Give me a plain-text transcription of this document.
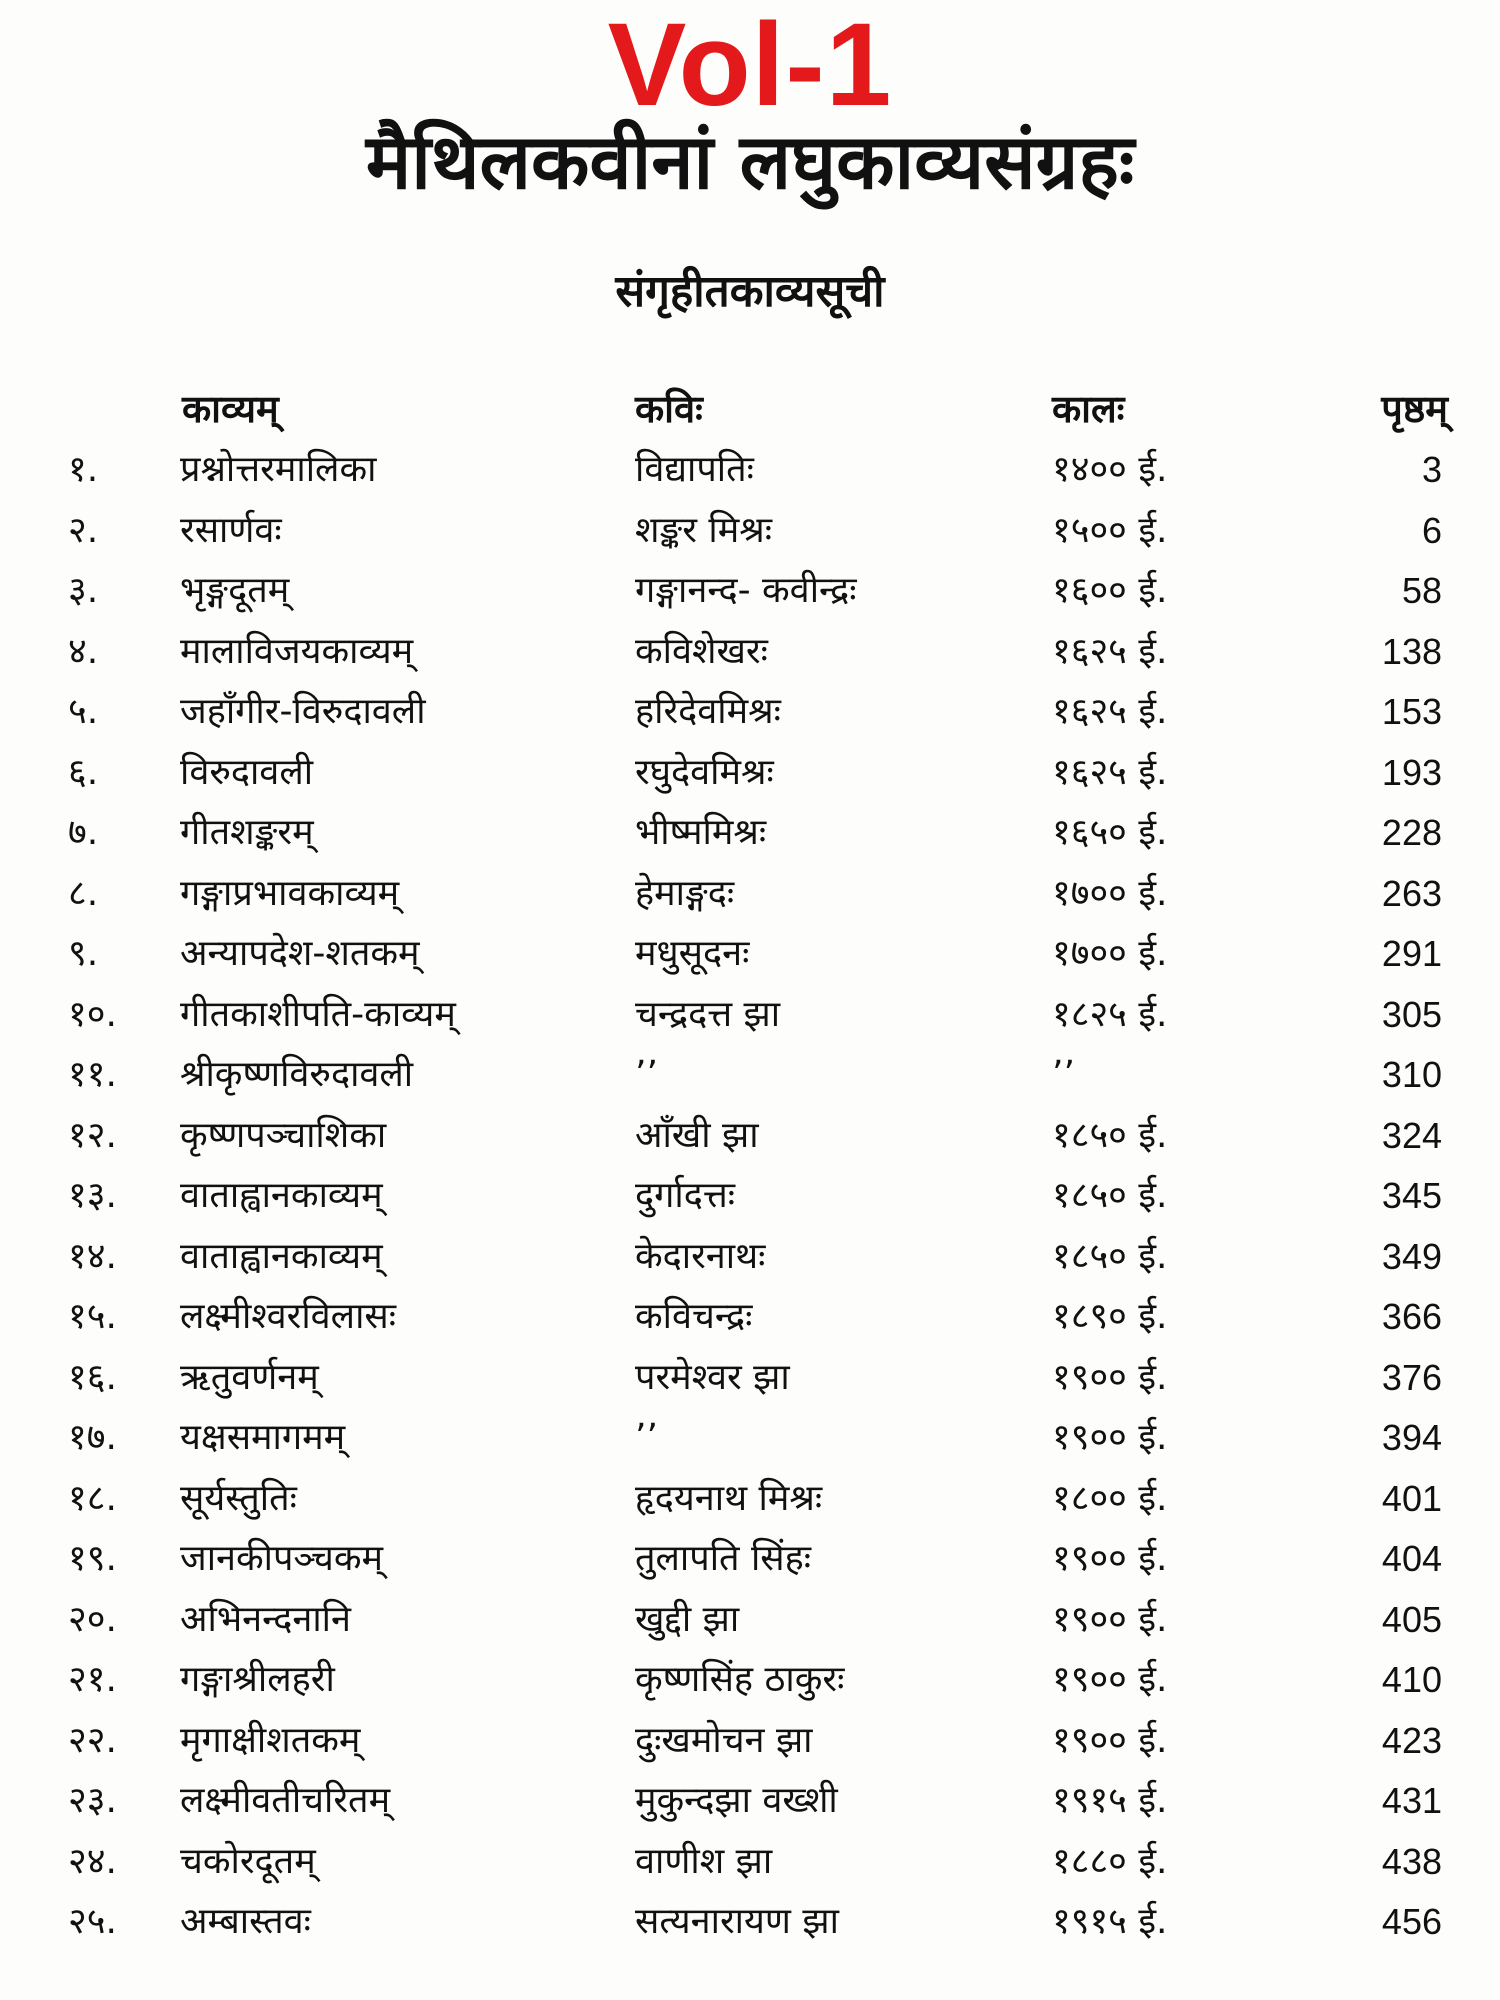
Vol-1
मैथिलकवीनां लघुकाव्यसंग्रहः
संगृहीतकाव्यसूची
काव्यम्	कविः	कालः	पृष्ठम्
१.	प्रश्नोत्तरमालिका	विद्यापतिः	१४०० ई.	3
२.	रसार्णवः	शङ्कर मिश्रः	१५०० ई.	6
३.	भृङ्गदूतम्	गङ्गानन्द- कवीन्द्रः	१६०० ई.	58
४.	मालाविजयकाव्यम्	कविशेखरः	१६२५ ई.	138
५.	जहाँगीर-विरुदावली	हरिदेवमिश्रः	१६२५ ई.	153
६.	विरुदावली	रघुदेवमिश्रः	१६२५ ई.	193
७.	गीतशङ्करम्	भीष्ममिश्रः	१६५० ई.	228
८.	गङ्गाप्रभावकाव्यम्	हेमाङ्गदः	१७०० ई.	263
९.	अन्यापदेश-शतकम्	मधुसूदनः	१७०० ई.	291
१०.	गीतकाशीपति-काव्यम्	चन्द्रदत्त झा	१८२५ ई.	305
११.	श्रीकृष्णविरुदावली	’’	’’	310
१२.	कृष्णपञ्चाशिका	आँखी झा	१८५० ई.	324
१३.	वाताह्वानकाव्यम्	दुर्गादत्तः	१८५० ई.	345
१४.	वाताह्वानकाव्यम्	केदारनाथः	१८५० ई.	349
१५.	लक्ष्मीश्वरविलासः	कविचन्द्रः	१८९० ई.	366
१६.	ऋतुवर्णनम्	परमेश्वर झा	१९०० ई.	376
१७.	यक्षसमागमम्	’’	१९०० ई.	394
१८.	सूर्यस्तुतिः	हृदयनाथ मिश्रः	१८०० ई.	401
१९.	जानकीपञ्चकम्	तुलापति सिंहः	१९०० ई.	404
२०.	अभिनन्दनानि	खुद्दी झा	१९०० ई.	405
२१.	गङ्गाश्रीलहरी	कृष्णसिंह ठाकुरः	१९०० ई.	410
२२.	मृगाक्षीशतकम्	दुःखमोचन झा	१९०० ई.	423
२३.	लक्ष्मीवतीचरितम्	मुकुन्दझा वख्शी	१९१५ ई.	431
२४.	चकोरदूतम्	वाणीश झा	१८८० ई.	438
२५.	अम्बास्तवः	सत्यनारायण झा	१९१५ ई.	456
